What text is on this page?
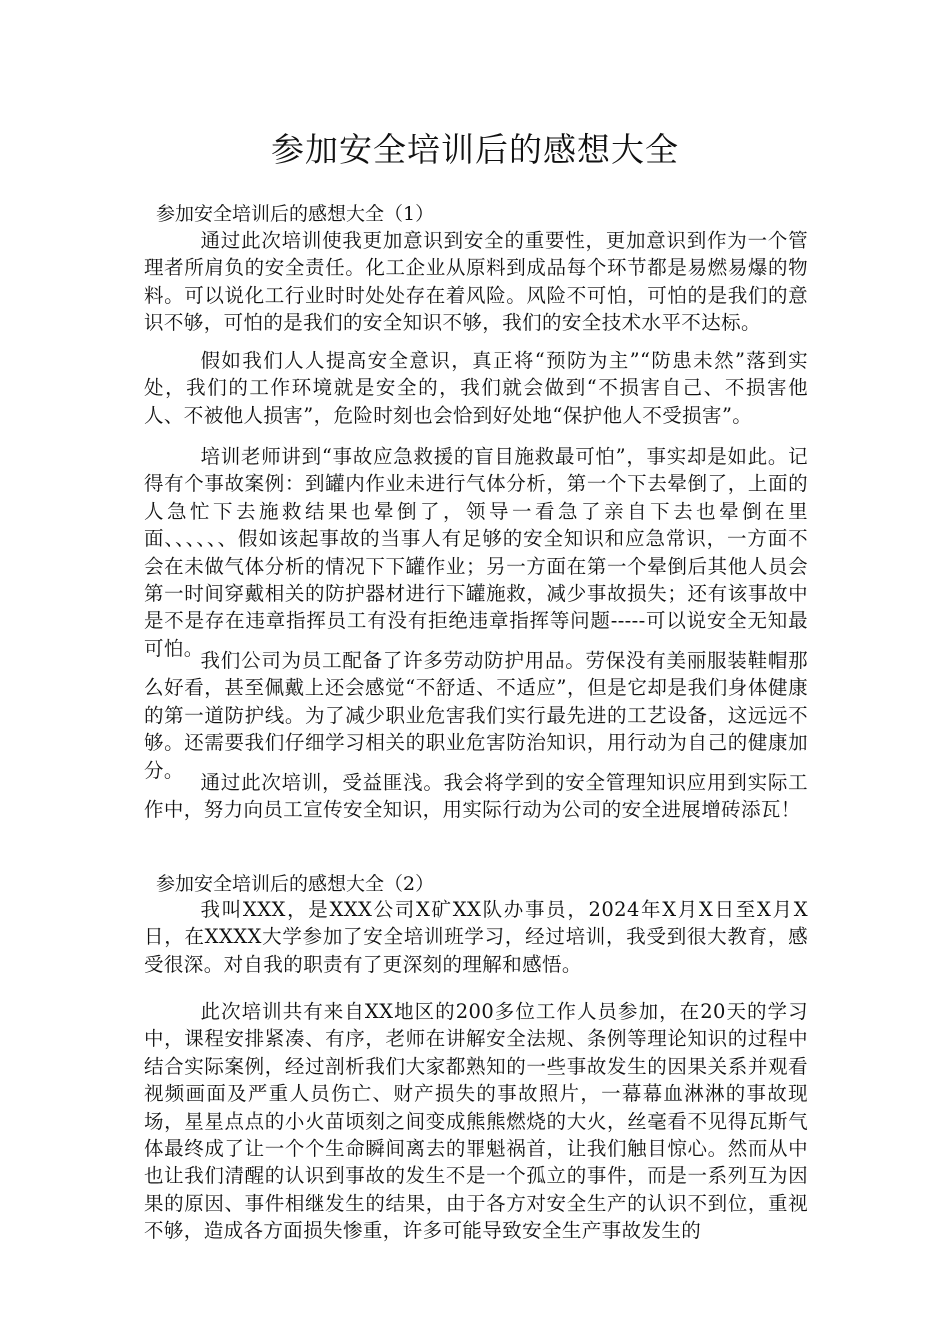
参加安全培训后的感想大全
参加安全培训后的感想大全（1）

通过此次培训使我更加意识到安全的重要性，更加意识到作为一个管理者所肩负的安全责任。化工企业从原料到成品每个环节都是易燃易爆的物料。可以说化工行业时时处处存在着风险。风险不可怕，可怕的是我们的意识不够，可怕的是我们的安全知识不够，我们的安全技术水平不达标。

假如我们人人提高安全意识，真正将“预防为主”“防患未然”落到实处，我们的工作环境就是安全的，我们就会做到“不损害自己、不损害他人、不被他人损害”，危险时刻也会恰到好处地“保护他人不受损害”。

培训老师讲到“事故应急救援的盲目施救最可怕”，事实却是如此。记得有个事故案例：到罐内作业未进行气体分析，第一个下去晕倒了，上面的人急忙下去施救结果也晕倒了，领导一看急了亲自下去也晕倒在里面、、、、、、假如该起事故的当事人有足够的安全知识和应急常识，一方面不会在未做气体分析的情况下下罐作业；另一方面在第一个晕倒后其他人员会第一时间穿戴相关的防护器材进行下罐施救，减少事故损失；还有该事故中是不是存在违章指挥员工有没有拒绝违章指挥等问题-----可以说安全无知最可怕。

我们公司为员工配备了许多劳动防护用品。劳保没有美丽服装鞋帽那么好看，甚至佩戴上还会感觉“不舒适、不适应”，但是它却是我们身体健康的第一道防护线。为了减少职业危害我们实行最先进的工艺设备，这远远不够。还需要我们仔细学习相关的职业危害防治知识，用行动为自己的健康加分。

通过此次培训，受益匪浅。我会将学到的安全管理知识应用到实际工作中，努力向员工宣传安全知识，用实际行动为公司的安全进展增砖添瓦！

参加安全培训后的感想大全（2）

我叫XXX，是XXX公司X矿XX队办事员，2024年X月X日至X月X日，在XXXX大学参加了安全培训班学习，经过培训，我受到很大教育，感受很深。对自我的职责有了更深刻的理解和感悟。

此次培训共有来自XX地区的200多位工作人员参加，在20天的学习中，课程安排紧凑、有序，老师在讲解安全法规、条例等理论知识的过程中结合实际案例，经过剖析我们大家都熟知的一些事故发生的因果关系并观看视频画面及严重人员伤亡、财产损失的事故照片，一幕幕血淋淋的事故现场，星星点点的小火苗顷刻之间变成熊熊燃烧的大火，丝毫看不见得瓦斯气体最终成了让一个个生命瞬间离去的罪魁祸首，让我们触目惊心。然而从中也让我们清醒的认识到事故的发生不是一个孤立的事件，而是一系列互为因果的原因、事件相继发生的结果，由于各方对安全生产的认识不到位，重视不够，造成各方面损失惨重，许多可能导致安全生产事故发生的
